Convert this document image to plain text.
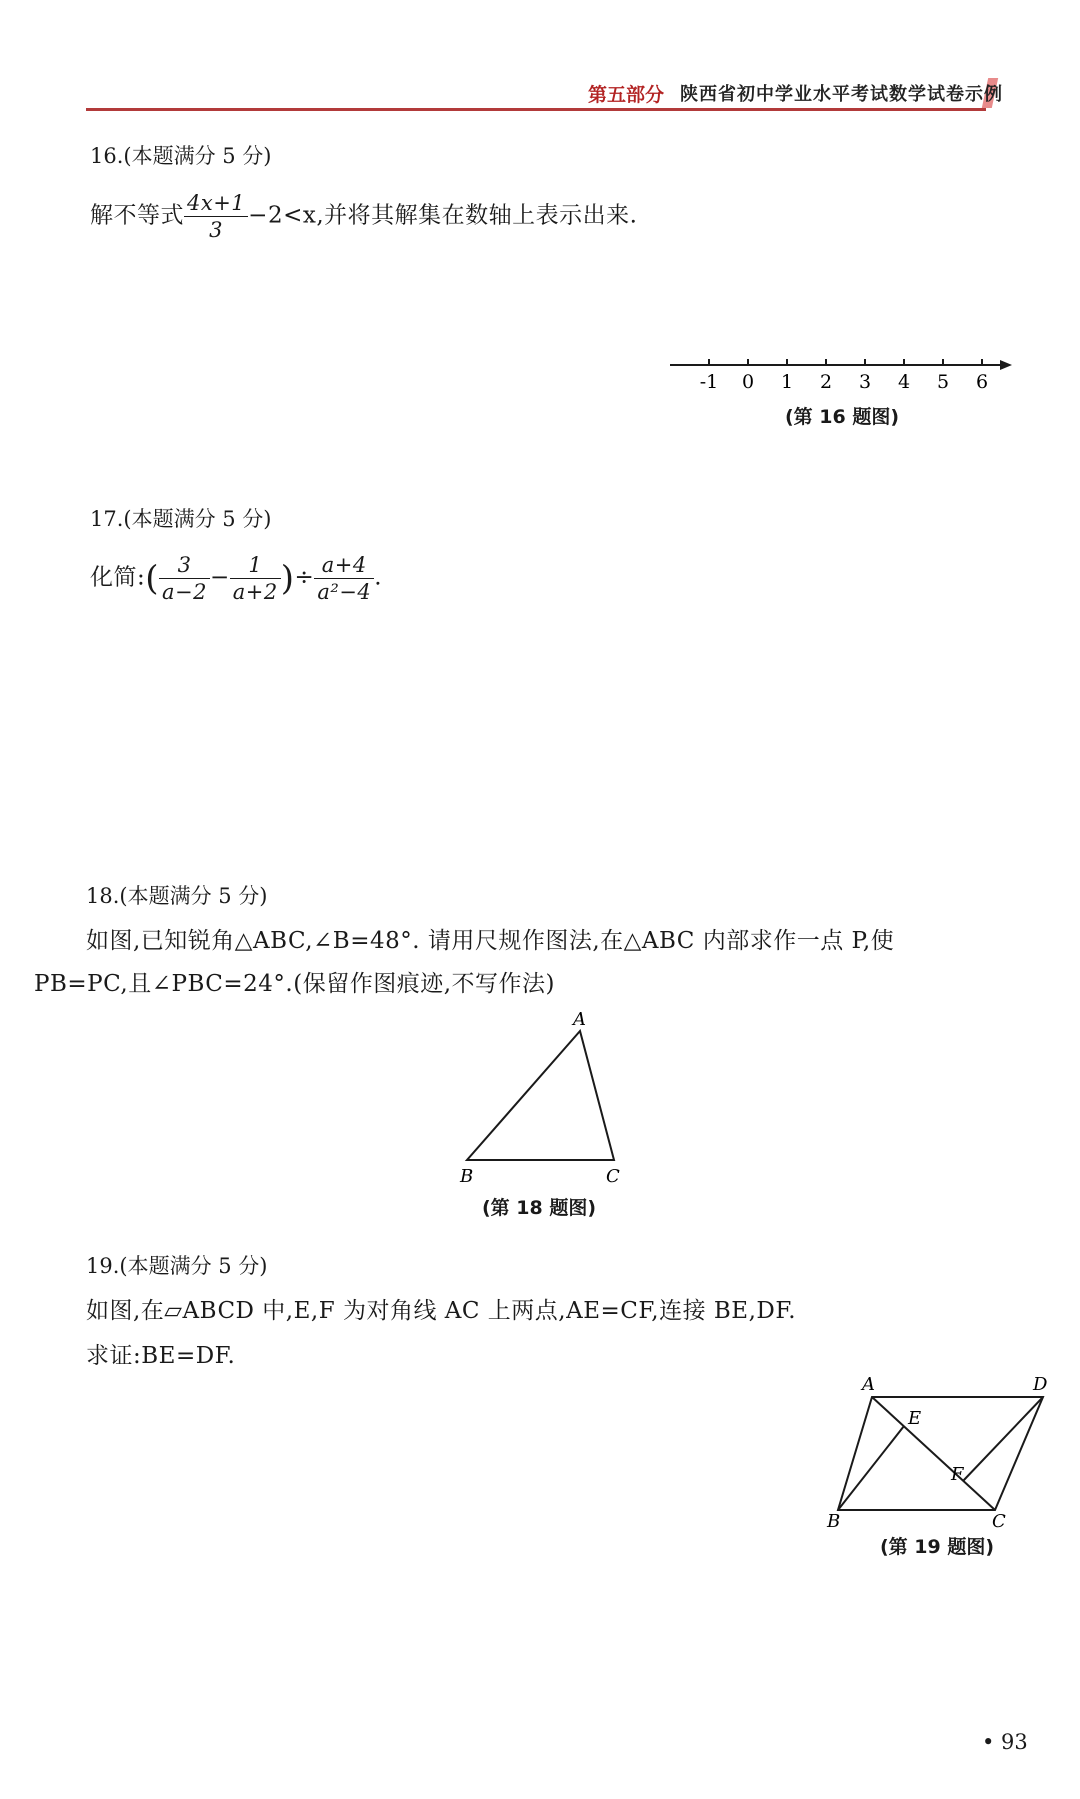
第五部分 陕西省初中学业水平考试数学试卷示例
16.(本题满分 5 分)
解不等式 $\frac{4x+1}{3} -2<x$,并将其解集在数轴上表示出来.
-1 0 1 2 3 4 5 6
(第 16 题图)
17.(本题满分 5 分)
化简:( $\frac{3}{a-2} - \frac{1}{a+2}$ )÷ $\frac{a+4}{\text{a²−4}}$ .
18.(本题满分 5 分)
如图,已知锐角△ABC,∠B=48°. 请用尺规作图法,在△ABC 内部求作一点 P,使
PB=PC,且∠PBC=24°.(保留作图痕迹,不写作法)
A
B	C
(第 18 题图)
19.(本题满分 5 分)
如图,在▱ABCD 中,E,F 为对角线 AC 上两点,AE=CF,连接 BE,DF.
求证:BE=DF.
A	D
E
F
B	C
(第 19 题图)
• 93
